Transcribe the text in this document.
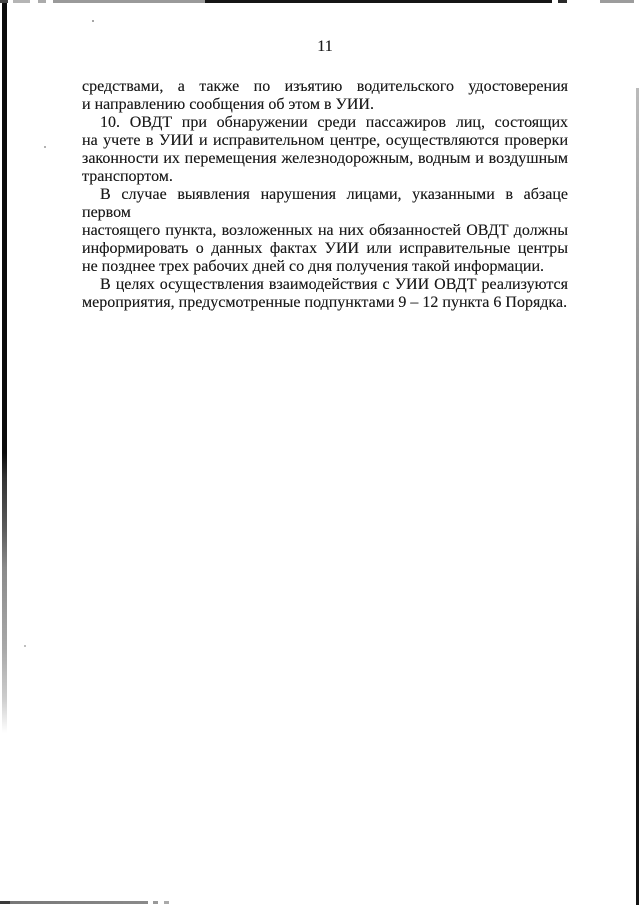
11
средствами, а также по изъятию водительского удостоверения
и направлению сообщения об этом в УИИ.
10. ОВДТ при обнаружении среди пассажиров лиц, состоящих
на учете в УИИ и исправительном центре, осуществляются проверки
законности их перемещения железнодорожным, водным и воздушным
транспортом.
В случае выявления нарушения лицами, указанными в абзаце первом
настоящего пункта, возложенных на них обязанностей ОВДТ должны
информировать о данных фактах УИИ или исправительные центры
не позднее трех рабочих дней со дня получения такой информации.
В целях осуществления взаимодействия с УИИ ОВДТ реализуются
мероприятия, предусмотренные подпунктами 9 – 12 пункта 6 Порядка.
